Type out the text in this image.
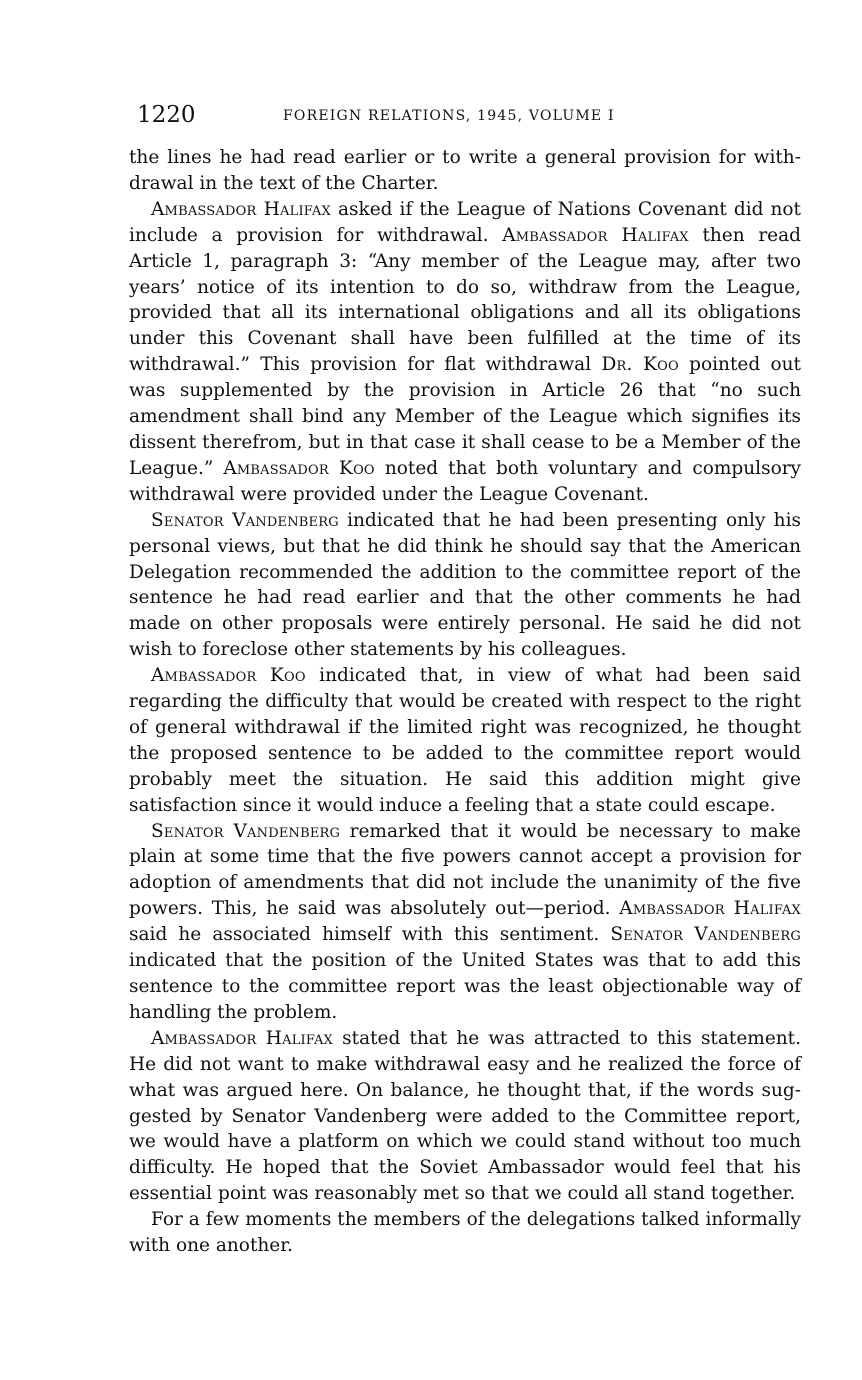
1220	FOREIGN RELATIONS, 1945, VOLUME I

the lines he had read earlier or to write a general provision for withdrawal in the text of the Charter.

Ambassador Halifax asked if the League of Nations Covenant did not include a provision for withdrawal. Ambassador Halifax then read Article 1, paragraph 3: “Any member of the League may, after two years’ notice of its intention to do so, withdraw from the League, provided that all its international obligations and all its obligations under this Covenant shall have been fulfilled at the time of its withdrawal.” This provision for flat withdrawal Dr. Koo pointed out was supplemented by the provision in Article 26 that “no such amendment shall bind any Member of the League which signifies its dissent therefrom, but in that case it shall cease to be a Member of the League.” Ambassador Koo noted that both voluntary and compulsory withdrawal were provided under the League Covenant.

Senator Vandenberg indicated that he had been presenting only his personal views, but that he did think he should say that the American Delegation recommended the addition to the committee report of the sentence he had read earlier and that the other comments he had made on other proposals were entirely personal. He said he did not wish to foreclose other statements by his colleagues.

Ambassador Koo indicated that, in view of what had been said regarding the difficulty that would be created with respect to the right of general withdrawal if the limited right was recognized, he thought the proposed sentence to be added to the committee report would probably meet the situation. He said this addition might give satisfaction since it would induce a feeling that a state could escape.

Senator Vandenberg remarked that it would be necessary to make plain at some time that the five powers cannot accept a provision for adoption of amendments that did not include the unanimity of the five powers. This, he said was absolutely out—period. Ambassador Halifax said he associated himself with this sentiment. Senator Vandenberg indicated that the position of the United States was that to add this sentence to the committee report was the least objectionable way of handling the problem.

Ambassador Halifax stated that he was attracted to this statement. He did not want to make withdrawal easy and he realized the force of what was argued here. On balance, he thought that, if the words suggested by Senator Vandenberg were added to the Committee report, we would have a platform on which we could stand without too much difficulty. He hoped that the Soviet Ambassador would feel that his essential point was reasonably met so that we could all stand together.

For a few moments the members of the delegations talked informally with one another.
